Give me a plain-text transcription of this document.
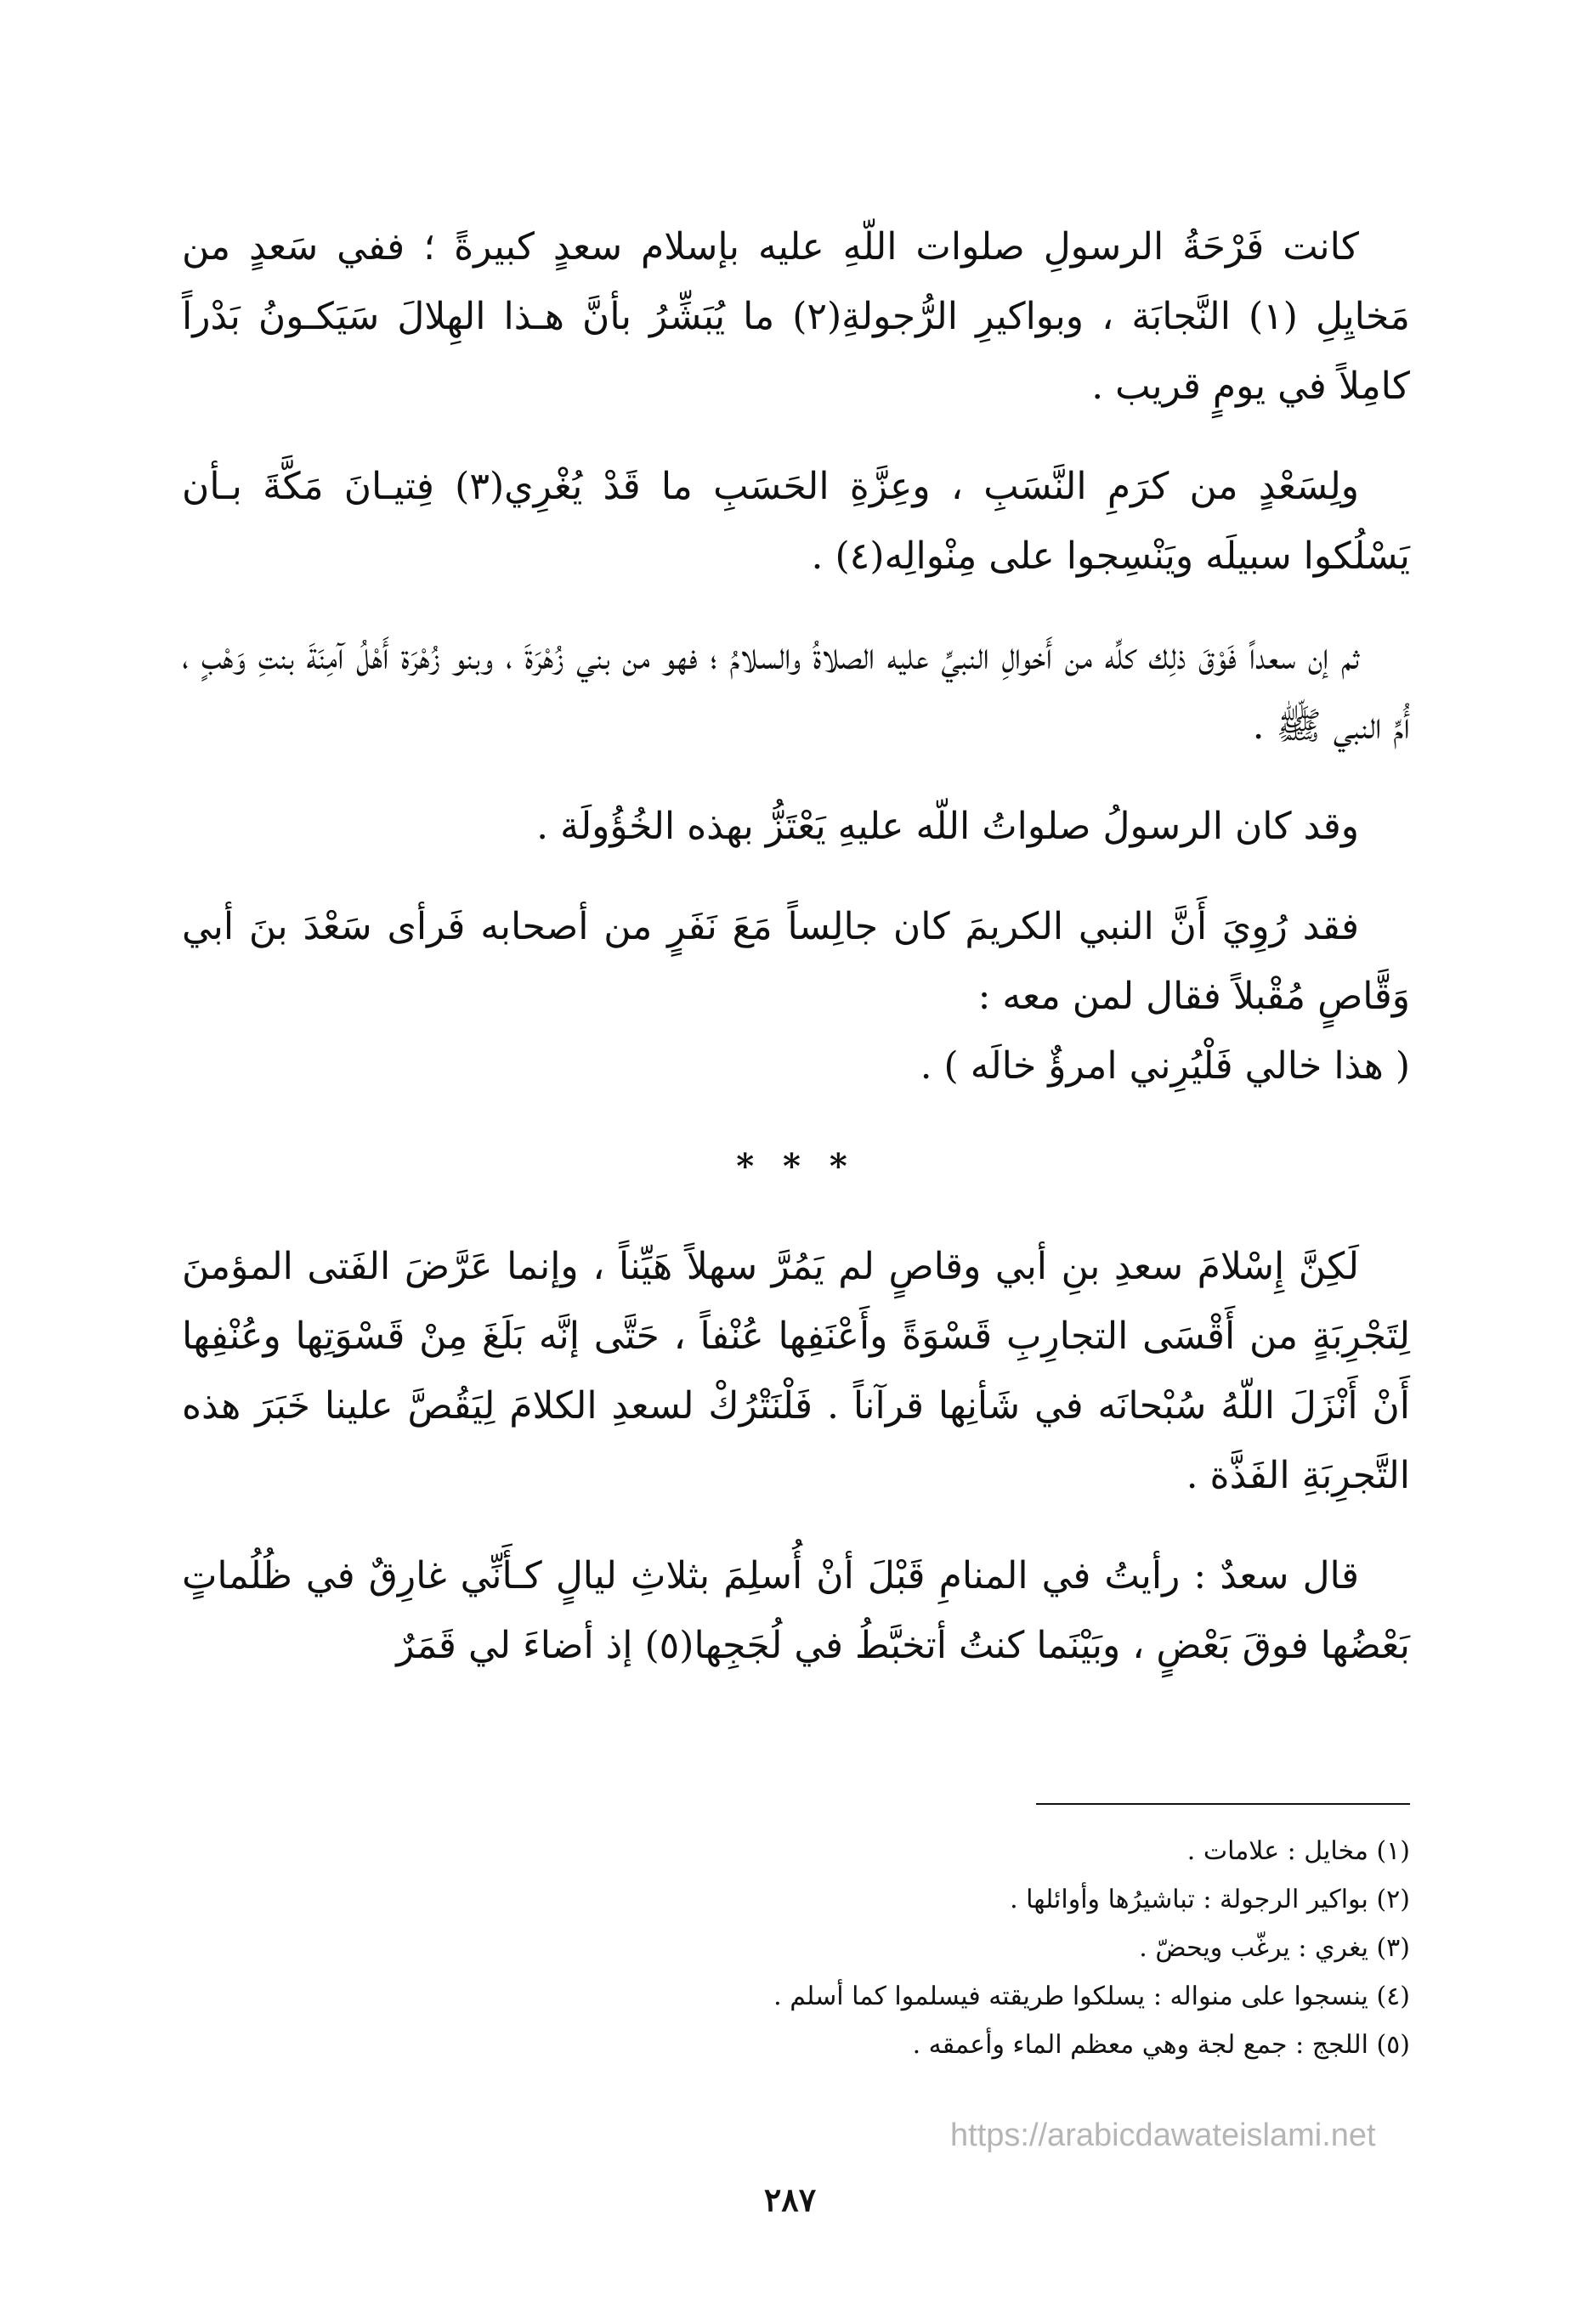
كانت فَرْحَةُ الرسولِ صلوات اللّهِ عليه بإسلام سعدٍ كبيرةً ؛ ففي سَعدٍ من مَخايِلِ (١) النَّجابَة ، وبواكيرِ الرُّجولةِ(٢) ما يُبَشِّرُ بأنَّ هـذا الهِلالَ سَيَكـونُ بَدْراً كامِلاً في يومٍ قريب .

ولِسَعْدٍ من كرَمِ النَّسَبِ ، وعِزَّةِ الحَسَبِ ما قَدْ يُغْرِي(٣) فِتيـانَ مَكَّةَ بـأن يَسْلُكوا سبيلَه ويَنْسِجوا على مِنْوالِه(٤) .

ثم إن سعداً فَوْقَ ذلِك كلِّه من أَخوالِ النبيِّ عليه الصلاةُ والسلامُ ؛ فهو من بني زُهْرَةَ ، وبنو زُهْرَة أَهْلُ آمِنَةَ بنتِ وَهْبٍ ، أُمِّ النبي ﷺ .

وقد كان الرسولُ صلواتُ اللّه عليهِ يَعْتَزُّ بهذه الخُؤُولَة .

فقد رُوِيَ أَنَّ النبي الكريمَ كان جالِساً مَعَ نَفَرٍ من أصحابه فَرأى سَعْدَ بنَ أبي وَقَّاصٍ مُقْبلاً فقال لمن معه :

( هذا خالي فَلْيُرِني امرؤٌ خالَه ) .

* * *

لَكِنَّ إِسْلامَ سعدِ بنِ أبي وقاصٍ لم يَمُرَّ سهلاً هَيِّناً ، وإنما عَرَّضَ الفَتى المؤمنَ لِتَجْرِبَةٍ من أَقْسَى التجارِبِ قَسْوَةً وأَعْنَفِها عُنْفاً ، حَتَّى إنَّه بَلَغَ مِنْ قَسْوَتِها وعُنْفِها أَنْ أَنْزَلَ اللّهُ سُبْحانَه في شَأنِها قرآناً . فَلْنَتْرُكْ لسعدِ الكلامَ لِيَقُصَّ علينا خَبَرَ هذه التَّجرِبَةِ الفَذَّة .

قال سعدٌ : رأيتُ في المنامِ قَبْلَ أنْ أُسلِمَ بثلاثِ ليالٍ كـأَنِّي غارِقٌ في ظُلُماتٍ بَعْضُها فوقَ بَعْضٍ ، وبَيْنَما كنتُ أتخبَّطُ في لُجَجِها(٥) إذ أضاءَ لي قَمَرٌ

(١) مخايل : علامات .

(٢) بواكير الرجولة : تباشيرُها وأوائلها .

(٣) يغري : يرغّب ويحضّ .

(٤) ينسجوا على منواله : يسلكوا طريقته فيسلموا كما أسلم .

(٥) اللجج : جمع لجة وهي معظم الماء وأعمقه .

https://arabicdawateislami.net
٢٨٧
